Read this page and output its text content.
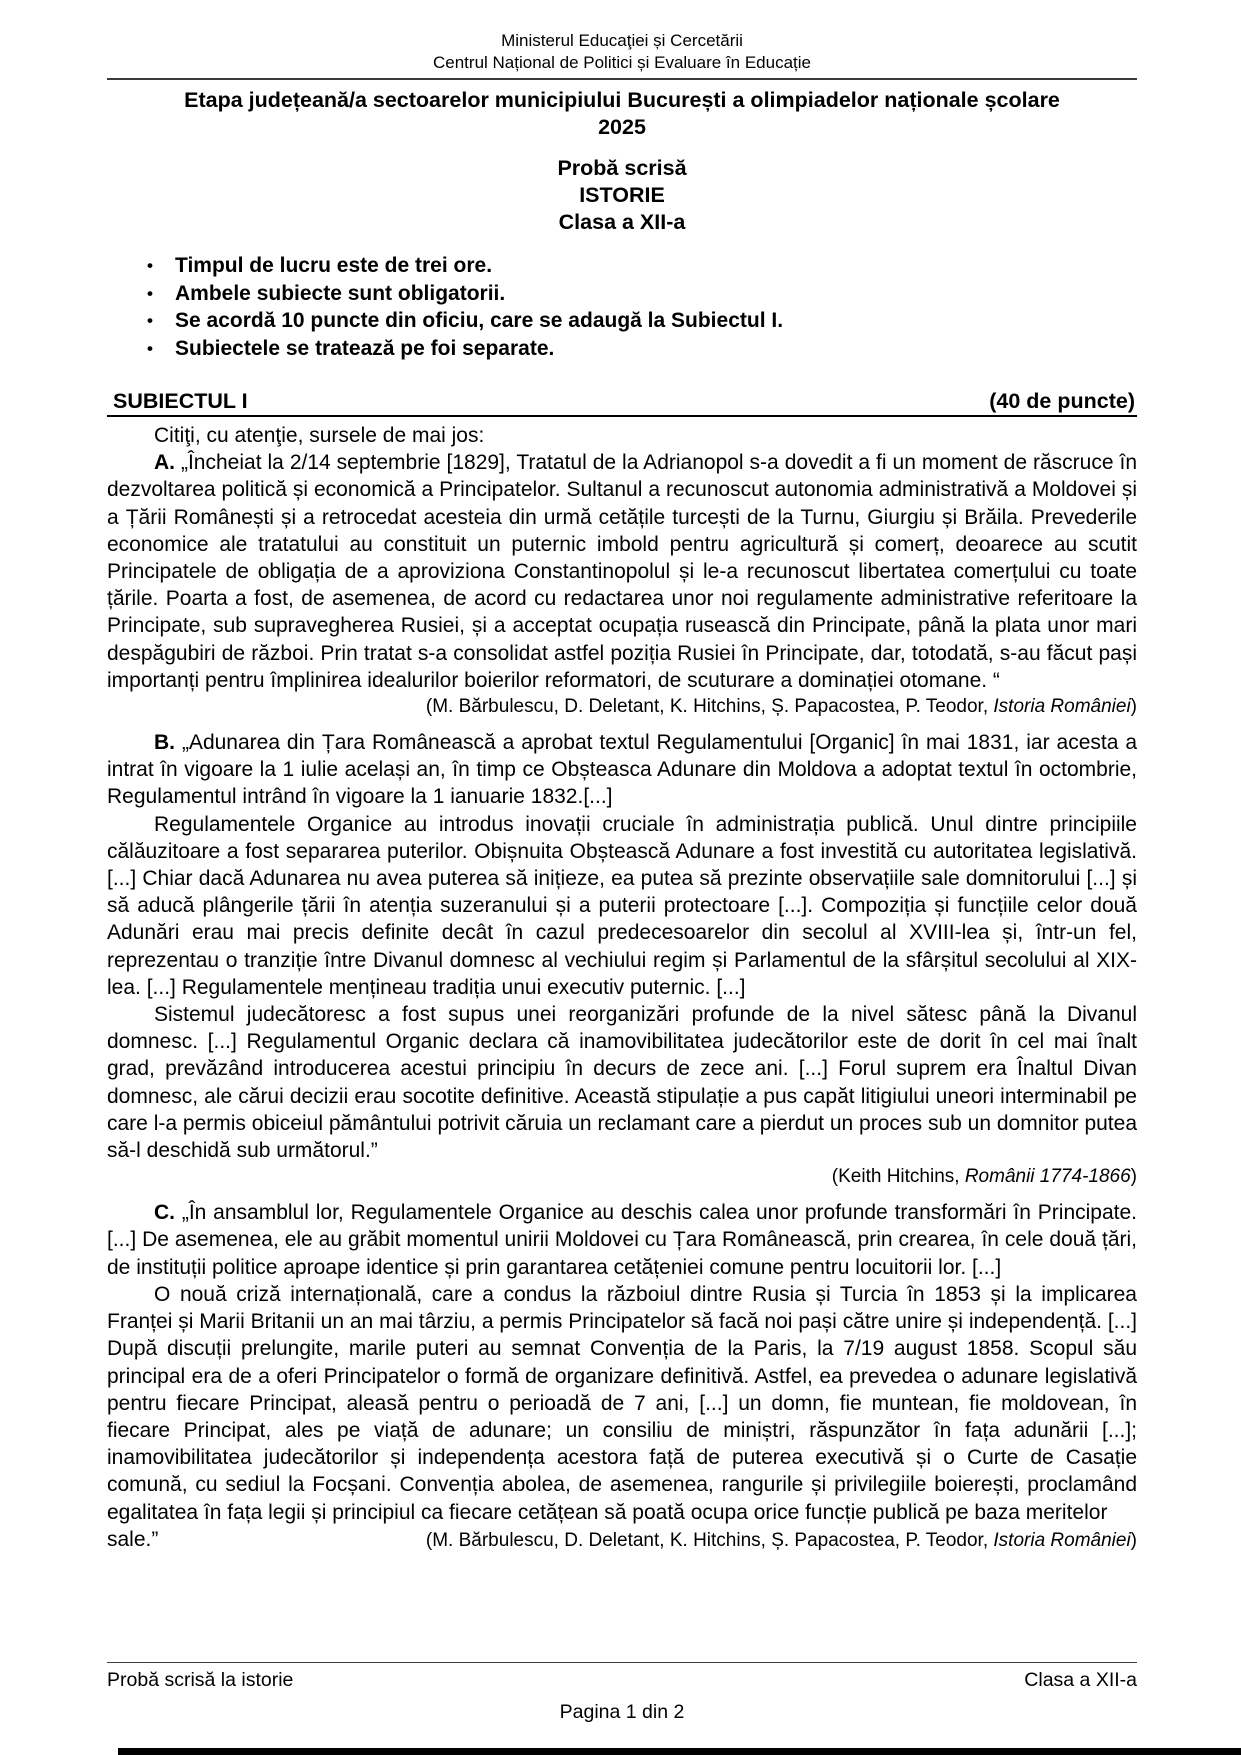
Ministerul Educaţiei și Cercetării
Centrul Național de Politici și Evaluare în Educație
Etapa județeană/a sectoarelor municipiului București a olimpiadelor naționale școlare
2025
Probă scrisă
ISTORIE
Clasa a XII-a
• Timpul de lucru este de trei ore.
• Ambele subiecte sunt obligatorii.
• Se acordă 10 puncte din oficiu, care se adaugă la Subiectul I.
• Subiectele se tratează pe foi separate.
SUBIECTUL I	(40 de puncte)
Citiţi, cu atenţie, sursele de mai jos:

A. „Încheiat la 2/14 septembrie [1829], Tratatul de la Adrianopol s-a dovedit a fi un moment de răscruce în dezvoltarea politică și economică a Principatelor. Sultanul a recunoscut autonomia administrativă a Moldovei și a Țării Românești și a retrocedat acesteia din urmă cetățile turcești de la Turnu, Giurgiu și Brăila. Prevederile economice ale tratatului au constituit un puternic imbold pentru agricultură și comerț, deoarece au scutit Principatele de obligația de a aproviziona Constantinopolul și le-a recunoscut libertatea comerțului cu toate țările. Poarta a fost, de asemenea, de acord cu redactarea unor noi regulamente administrative referitoare la Principate, sub supravegherea Rusiei, și a acceptat ocupația rusească din Principate, până la plata unor mari despăgubiri de război. Prin tratat s-a consolidat astfel poziția Rusiei în Principate, dar, totodată, s-au făcut pași importanți pentru împlinirea idealurilor boierilor reformatori, de scuturare a dominației otomane. “

(M. Bărbulescu, D. Deletant, K. Hitchins, Ș. Papacostea, P. Teodor, Istoria României)

B. „Adunarea din Țara Românească a aprobat textul Regulamentului [Organic] în mai 1831, iar acesta a intrat în vigoare la 1 iulie același an, în timp ce Obșteasca Adunare din Moldova a adoptat textul în octombrie, Regulamentul intrând în vigoare la 1 ianuarie 1832.[...]

Regulamentele Organice au introdus inovații cruciale în administrația publică. Unul dintre principiile călăuzitoare a fost separarea puterilor. Obișnuita Obștească Adunare a fost investită cu autoritatea legislativă. [...] Chiar dacă Adunarea nu avea puterea să inițieze, ea putea să prezinte observațiile sale domnitorului [...] și să aducă plângerile țării în atenția suzeranului și a puterii protectoare [...]. Compoziția și funcțiile celor două Adunări erau mai precis definite decât în cazul predecesoarelor din secolul al XVIII-lea și, într-un fel, reprezentau o tranziție între Divanul domnesc al vechiului regim și Parlamentul de la sfârșitul secolului al XIX-lea. [...] Regulamentele mențineau tradiția unui executiv puternic. [...]

Sistemul judecătoresc a fost supus unei reorganizări profunde de la nivel sătesc până la Divanul domnesc. [...] Regulamentul Organic declara că inamovibilitatea judecătorilor este de dorit în cel mai înalt grad, prevăzând introducerea acestui principiu în decurs de zece ani. [...] Forul suprem era Înaltul Divan domnesc, ale cărui decizii erau socotite definitive. Această stipulație a pus capăt litigiului uneori interminabil pe care l-a permis obiceiul pământului potrivit căruia un reclamant care a pierdut un proces sub un domnitor putea să-l deschidă sub următorul.”

(Keith Hitchins, Românii 1774-1866)

C. „În ansamblul lor, Regulamentele Organice au deschis calea unor profunde transformări în Principate. [...] De asemenea, ele au grăbit momentul unirii Moldovei cu Țara Românească, prin crearea, în cele două țări, de instituții politice aproape identice și prin garantarea cetățeniei comune pentru locuitorii lor. [...]

O nouă criză internațională, care a condus la războiul dintre Rusia și Turcia în 1853 și la implicarea Franței și Marii Britanii un an mai târziu, a permis Principatelor să facă noi pași către unire și independență. [...] După discuții prelungite, marile puteri au semnat Convenția de la Paris, la 7/19 august 1858. Scopul său principal era de a oferi Principatelor o formă de organizare definitivă. Astfel, ea prevedea o adunare legislativă pentru fiecare Principat, aleasă pentru o perioadă de 7 ani, [...] un domn, fie muntean, fie moldovean, în fiecare Principat, ales pe viață de adunare; un consiliu de miniștri, răspunzător în fața adunării [...]; inamovibilitatea judecătorilor și independența acestora față de puterea executivă și o Curte de Casație comună, cu sediul la Focșani. Convenția abolea, de asemenea, rangurile și privilegiile boierești, proclamând egalitatea în fața legii și principiul ca fiecare cetățean să poată ocupa orice funcție publică pe baza meritelor

sale.”	(M. Bărbulescu, D. Deletant, K. Hitchins, Ș. Papacostea, P. Teodor, Istoria României)
Probă scrisă la istorie	Clasa a XII-a
Pagina 1 din 2
